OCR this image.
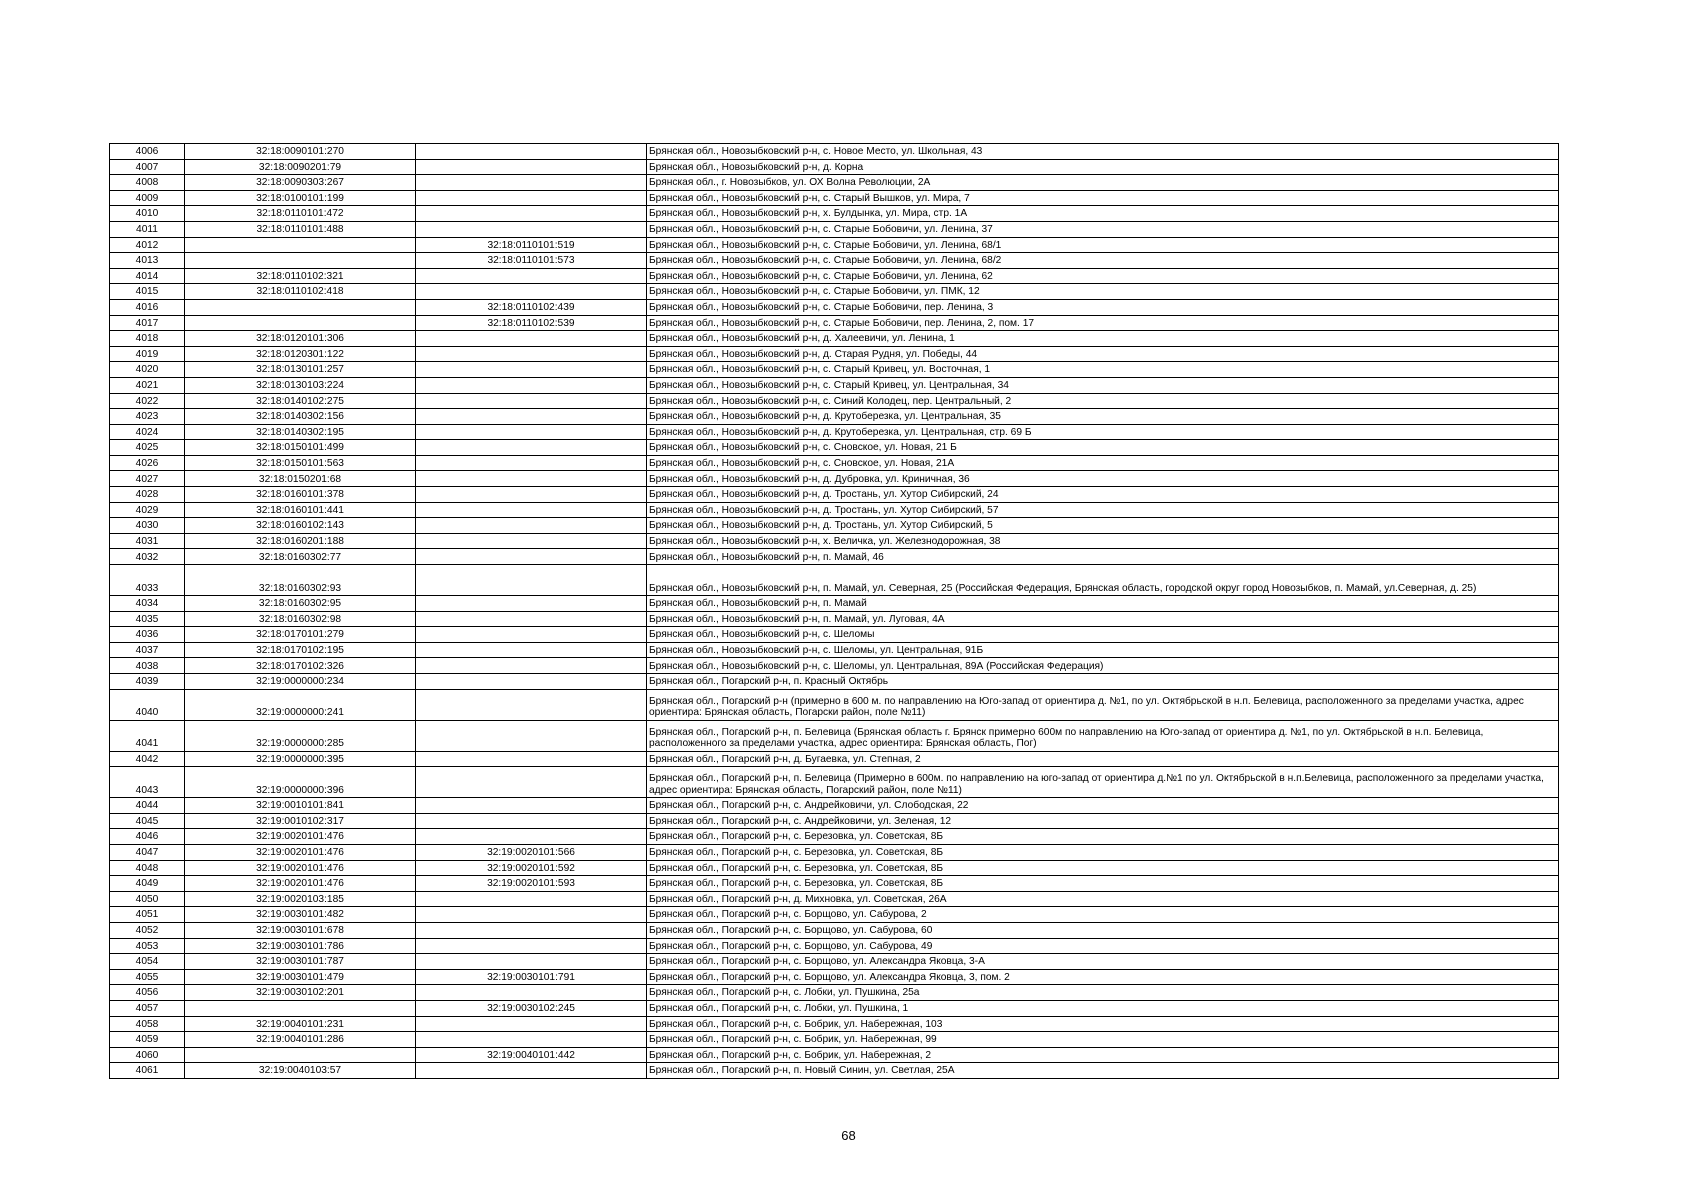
4006	32:18:0090101:270		Брянская обл., Новозыбковский р-н, с. Новое Место, ул. Школьная, 43
4007	32:18:0090201:79		Брянская обл., Новозыбковский р-н, д. Корна
4008	32:18:0090303:267		Брянская обл., г. Новозыбков, ул. ОХ Волна Революции, 2А
4009	32:18:0100101:199		Брянская обл., Новозыбковский р-н, с. Старый Вышков, ул. Мира, 7
4010	32:18:0110101:472		Брянская обл., Новозыбковский р-н, х. Булдынка, ул. Мира, стр. 1А
4011	32:18:0110101:488		Брянская обл., Новозыбковский р-н, с. Старые Бобовичи, ул. Ленина, 37
4012		32:18:0110101:519	Брянская обл., Новозыбковский р-н, с. Старые Бобовичи, ул. Ленина, 68/1
4013		32:18:0110101:573	Брянская обл., Новозыбковский р-н, с. Старые Бобовичи, ул. Ленина, 68/2
4014	32:18:0110102:321		Брянская обл., Новозыбковский р-н, с. Старые Бобовичи, ул. Ленина, 62
4015	32:18:0110102:418		Брянская обл., Новозыбковский р-н, с. Старые Бобовичи, ул. ПМК, 12
4016		32:18:0110102:439	Брянская обл., Новозыбковский р-н, с. Старые Бобовичи, пер. Ленина, 3
4017		32:18:0110102:539	Брянская обл., Новозыбковский р-н, с. Старые Бобовичи, пер. Ленина, 2, пом. 17
4018	32:18:0120101:306		Брянская обл., Новозыбковский р-н, д. Халеевичи, ул. Ленина, 1
4019	32:18:0120301:122		Брянская обл., Новозыбковский р-н, д. Старая Рудня, ул. Победы, 44
4020	32:18:0130101:257		Брянская обл., Новозыбковский р-н, с. Старый Кривец, ул. Восточная, 1
4021	32:18:0130103:224		Брянская обл., Новозыбковский р-н, с. Старый Кривец, ул. Центральная, 34
4022	32:18:0140102:275		Брянская обл., Новозыбковский р-н, с. Синий Колодец, пер. Центральный, 2
4023	32:18:0140302:156		Брянская обл., Новозыбковский р-н, д. Крутоберезка, ул. Центральная, 35
4024	32:18:0140302:195		Брянская обл., Новозыбковский р-н, д. Крутоберезка, ул. Центральная, стр. 69 Б
4025	32:18:0150101:499		Брянская обл., Новозыбковский р-н, с. Сновское, ул. Новая, 21 Б
4026	32:18:0150101:563		Брянская обл., Новозыбковский р-н, с. Сновское, ул. Новая, 21А
4027	32:18:0150201:68		Брянская обл., Новозыбковский р-н, д. Дубровка, ул. Криничная, 36
4028	32:18:0160101:378		Брянская обл., Новозыбковский р-н, д. Тростань, ул. Хутор Сибирский, 24
4029	32:18:0160101:441		Брянская обл., Новозыбковский р-н, д. Тростань, ул. Хутор Сибирский, 57
4030	32:18:0160102:143		Брянская обл., Новозыбковский р-н, д. Тростань, ул. Хутор Сибирский, 5
4031	32:18:0160201:188		Брянская обл., Новозыбковский р-н, х. Величка, ул. Железнодорожная, 38
4032	32:18:0160302:77		Брянская обл., Новозыбковский р-н, п. Мамай, 46
4033	32:18:0160302:93		Брянская обл., Новозыбковский р-н, п. Мамай, ул. Северная, 25 (Российская Федерация, Брянская область, городской округ город Новозыбков, п. Мамай, ул.Северная, д. 25)
4034	32:18:0160302:95		Брянская обл., Новозыбковский р-н, п. Мамай
4035	32:18:0160302:98		Брянская обл., Новозыбковский р-н, п. Мамай, ул. Луговая, 4А
4036	32:18:0170101:279		Брянская обл., Новозыбковский р-н, с. Шеломы
4037	32:18:0170102:195		Брянская обл., Новозыбковский р-н, с. Шеломы, ул. Центральная, 91Б
4038	32:18:0170102:326		Брянская обл., Новозыбковский р-н, с. Шеломы, ул. Центральная, 89А (Российская Федерация)
4039	32:19:0000000:234		Брянская обл., Погарский р-н, п. Красный Октябрь
4040	32:19:0000000:241		Брянская обл., Погарский р-н (примерно в 600 м. по направлению на Юго-запад от ориентира д. №1, по ул. Октябрьской в н.п. Белевица, расположенного за пределами участка, адрес ориентира: Брянская область, Погарски район, поле №11)
4041	32:19:0000000:285		Брянская обл., Погарский р-н, п. Белевица (Брянская область г. Брянск примерно 600м по направлению на Юго-запад от ориентира д. №1, по ул. Октябрьской в н.п. Белевица, расположенного за пределами участка, адрес ориентира: Брянская область, Пог)
4042	32:19:0000000:395		Брянская обл., Погарский р-н, д. Бугаевка, ул. Степная, 2
4043	32:19:0000000:396		Брянская обл., Погарский р-н, п. Белевица (Примерно в 600м. по направлению на юго-запад от ориентира д.№1 по ул. Октябрьской в н.п.Белевица, расположенного за пределами участка, адрес ориентира: Брянская область, Погарский район, поле №11)
4044	32:19:0010101:841		Брянская обл., Погарский р-н, с. Андрейковичи, ул. Слободская, 22
4045	32:19:0010102:317		Брянская обл., Погарский р-н, с. Андрейковичи, ул. Зеленая, 12
4046	32:19:0020101:476		Брянская обл., Погарский р-н, с. Березовка, ул. Советская, 8Б
4047	32:19:0020101:476	32:19:0020101:566	Брянская обл., Погарский р-н, с. Березовка, ул. Советская, 8Б
4048	32:19:0020101:476	32:19:0020101:592	Брянская обл., Погарский р-н, с. Березовка, ул. Советская, 8Б
4049	32:19:0020101:476	32:19:0020101:593	Брянская обл., Погарский р-н, с. Березовка, ул. Советская, 8Б
4050	32:19:0020103:185		Брянская обл., Погарский р-н, д. Михновка, ул. Советская, 26А
4051	32:19:0030101:482		Брянская обл., Погарский р-н, с. Борщово, ул. Сабурова, 2
4052	32:19:0030101:678		Брянская обл., Погарский р-н, с. Борщово, ул. Сабурова, 60
4053	32:19:0030101:786		Брянская обл., Погарский р-н, с. Борщово, ул. Сабурова, 49
4054	32:19:0030101:787		Брянская обл., Погарский р-н, с. Борщово, ул. Александра Яковца, 3-А
4055	32:19:0030101:479	32:19:0030101:791	Брянская обл., Погарский р-н, с. Борщово, ул. Александра Яковца, 3, пом. 2
4056	32:19:0030102:201		Брянская обл., Погарский р-н, с. Лобки, ул. Пушкина, 25а
4057		32:19:0030102:245	Брянская обл., Погарский р-н, с. Лобки, ул. Пушкина, 1
4058	32:19:0040101:231		Брянская обл., Погарский р-н, с. Бобрик, ул. Набережная, 103
4059	32:19:0040101:286		Брянская обл., Погарский р-н, с. Бобрик, ул. Набережная, 99
4060		32:19:0040101:442	Брянская обл., Погарский р-н, с. Бобрик, ул. Набережная, 2
4061	32:19:0040103:57		Брянская обл., Погарский р-н, п. Новый Синин, ул. Светлая, 25А
68
